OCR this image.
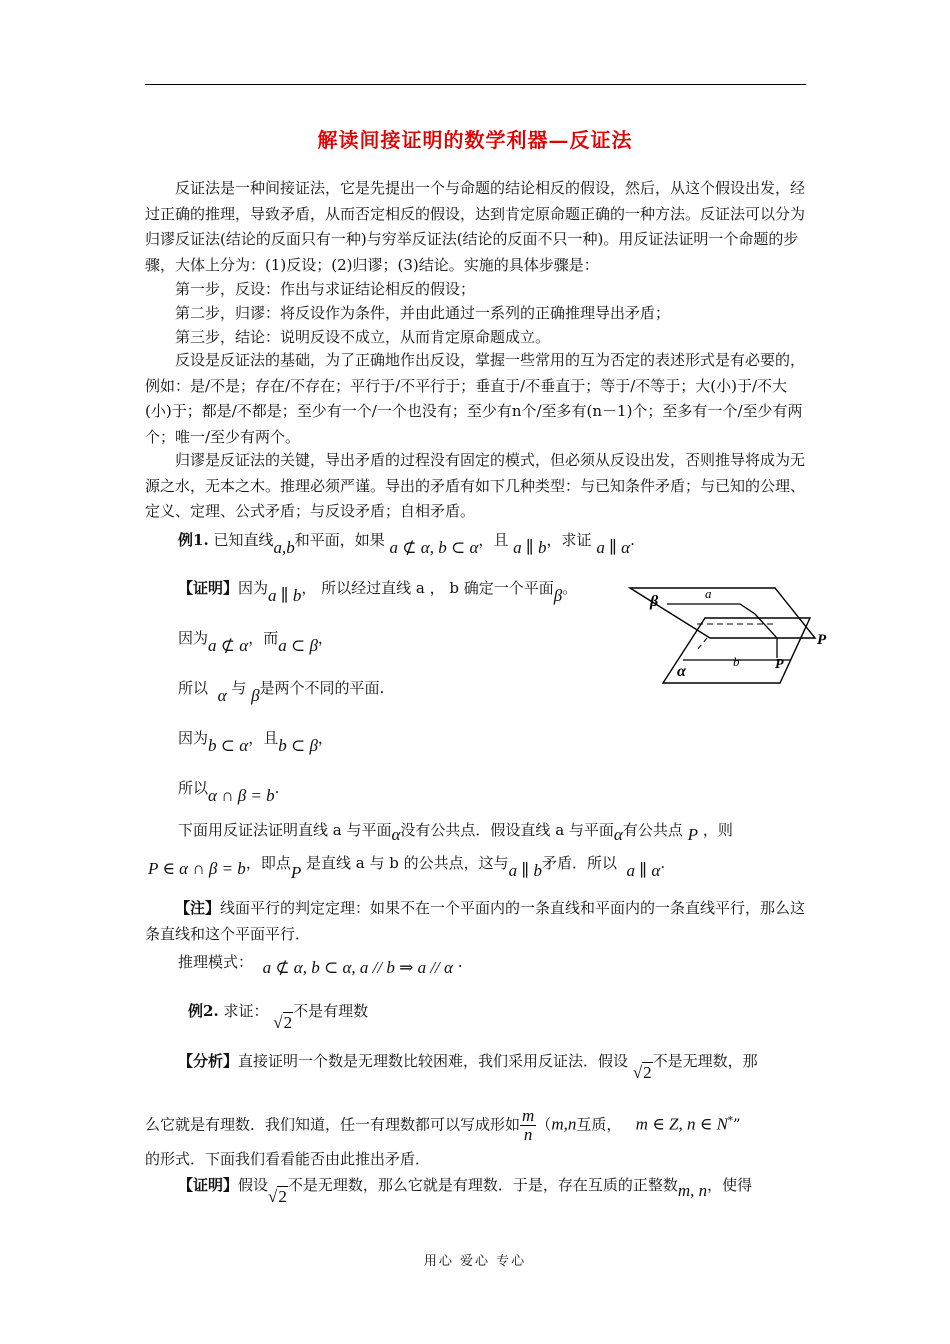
解读间接证明的数学利器—反证法
反证法是一种间接证法，它是先提出一个与命题的结论相反的假设，然后，从这个假设出发，经过正确的推理，导致矛盾，从而否定相反的假设，达到肯定原命题正确的一种方法。反证法可以分为归谬反证法(结论的反面只有一种)与穷举反证法(结论的反面不只一种)。用反证法证明一个命题的步骤，大体上分为：(1)反设；(2)归谬；(3)结论。实施的具体步骤是：
第一步，反设：作出与求证结论相反的假设；
第二步，归谬：将反设作为条件，并由此通过一系列的正确推理导出矛盾；
第三步，结论：说明反设不成立，从而肯定原命题成立。
反设是反证法的基础，为了正确地作出反设，掌握一些常用的互为否定的表述形式是有必要的，例如：是/不是；存在/不存在；平行于/不平行于；垂直于/不垂直于；等于/不等于；大(小)于/不大(小)于；都是/不都是；至少有一个/一个也没有；至少有n个/至多有(n－1)个；至多有一个/至少有两个；唯一/至少有两个。
归谬是反证法的关键，导出矛盾的过程没有固定的模式，但必须从反设出发，否则推导将成为无源之水，无本之木。推理必须严谨。导出的矛盾有如下几种类型：与已知条件矛盾；与已知的公理、定义、定理、公式矛盾；与反设矛盾；自相矛盾。
例1. 已知直线a,b和平面，如果 a ⊄ α, b ⊂ α，且 a ∥ b，求证 a ∥ α.
【证明】因为a ∥ b， 所以经过直线 a ， b 确定一个平面β。
因为a ⊄ α，而a ⊂ β，
所以 α 与 β是两个不同的平面.
因为b ⊂ α，且b ⊂ β，
所以α ∩ β = b.
β	a
P
α
b	P
下面用反证法证明直线 a 与平面α没有公共点．假设直线 a 与平面α有公共点 P ，则
P ∈ α ∩ β = b，即点P 是直线 a 与 b 的公共点，这与a ∥ b矛盾．所以 a ∥ α.
【注】线面平行的判定定理：如果不在一个平面内的一条直线和平面内的一条直线平行，那么这条直线和这个平面平行．
推理模式： a ⊄ α, b ⊂ α, a // b ⇒ a // α .
例2. 求证： √2不是有理数
【分析】直接证明一个数是无理数比较困难，我们采用反证法．假设 √2不是无理数，那
么它就是有理数．我们知道，任一有理数都可以写成形如 $\frac{m}{n} (m,n$互质， m ∈ Z, n ∈ N*”
的形式．下面我们看看能否由此推出矛盾．
【证明】假设√2不是无理数，那么它就是有理数．于是，存在互质的正整数m, n，使得
用心 爱心 专心
